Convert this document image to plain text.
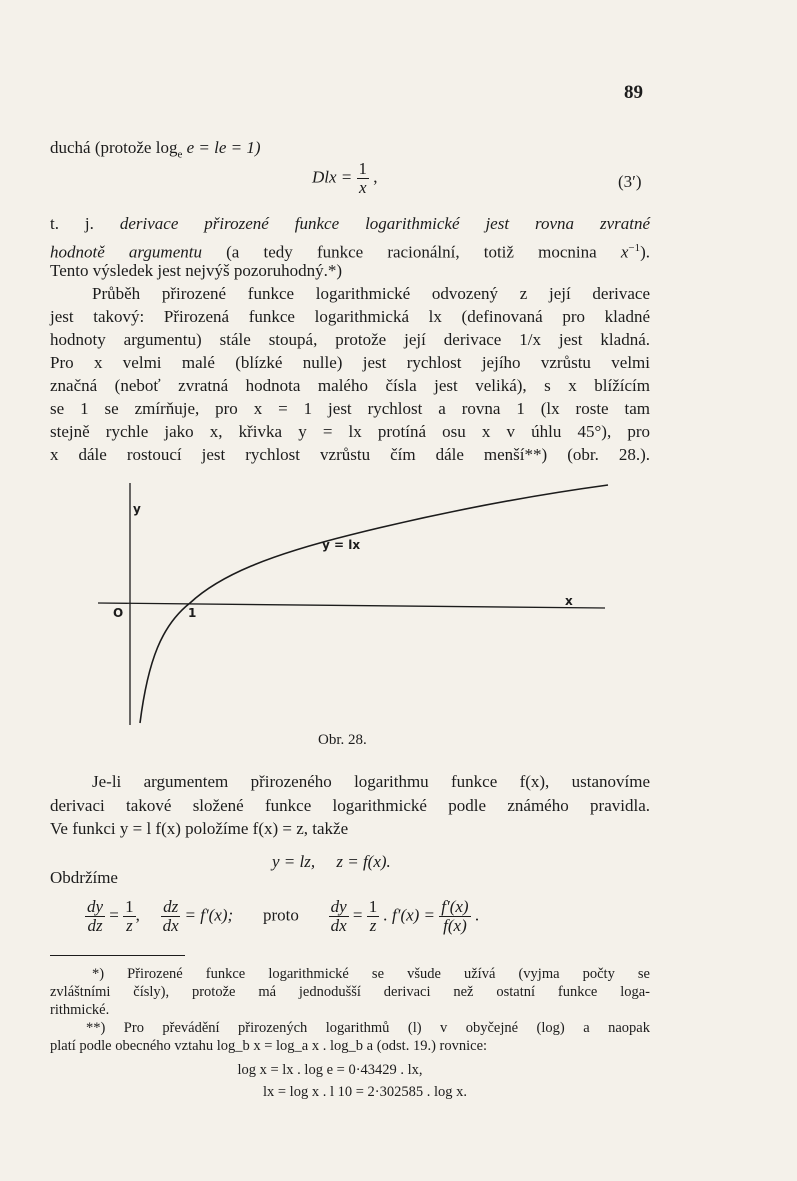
89
duchá (protože $\log_e e$ = le = 1)
Dlx = $\frac{1}{x}$ ,	(3′)
t. j. derivace přirozené funkce logarithmické jest rovna zvratné
hodnotě argumentu (a tedy funkce racionální, totiž mocnina $x^{-1}$).
Tento výsledek jest nejvýš pozoruhodný.*)
Průběh přirozené funkce logarithmické odvozený z její derivace
jest takový: Přirozená funkce logarithmická lx (definovaná pro kladné
hodnoty argumentu) stále stoupá, protože její derivace 1/x jest kladná.
Pro x velmi malé (blízké nulle) jest rychlost jejího vzrůstu velmi
značná (neboť zvratná hodnota malého čísla jest veliká), s x blížícím
se 1 se zmírňuje, pro x = 1 jest rychlost a rovna 1 (lx roste tam
stejně rychle jako x, křivka y = lx protíná osu x v úhlu 45°), pro
x dále rostoucí jest rychlost vzrůstu čím dále menší**) (obr. 28.).
y
y = lx
O	1
x
Obr. 28.
Je-li argumentem přirozeného logarithmu funkce f(x), ustanovíme
derivaci takové složené funkce logarithmické podle známého pravidla.
Ve funkci y = l f(x) položíme f(x) = z, takže
y = lz,     z = f(x).
Obdržíme
$\frac{dy}{dz} = \frac{1}{z}$ , $\frac{dz}{dx} = f'(x)$; proto $\frac{dy}{dx} = \frac{1}{z}$ . $f'(x) = \frac{f'(x)}{f(x)}$ .
*) Přirozené funkce logarithmické se všude užívá (vyjma počty se
zvláštními čísly), protože má jednodušší derivaci než ostatní funkce loga-
rithmické.
**) Pro převádění přirozených logarithmů (l) v obyčejné (log) a naopak
platí podle obecného vztahu log_b x = log_a x . log_b a (odst. 19.) rovnice:
log x = lx . log e = 0·43429 . lx,
lx = log x . l 10 = 2·302585 . log x.
